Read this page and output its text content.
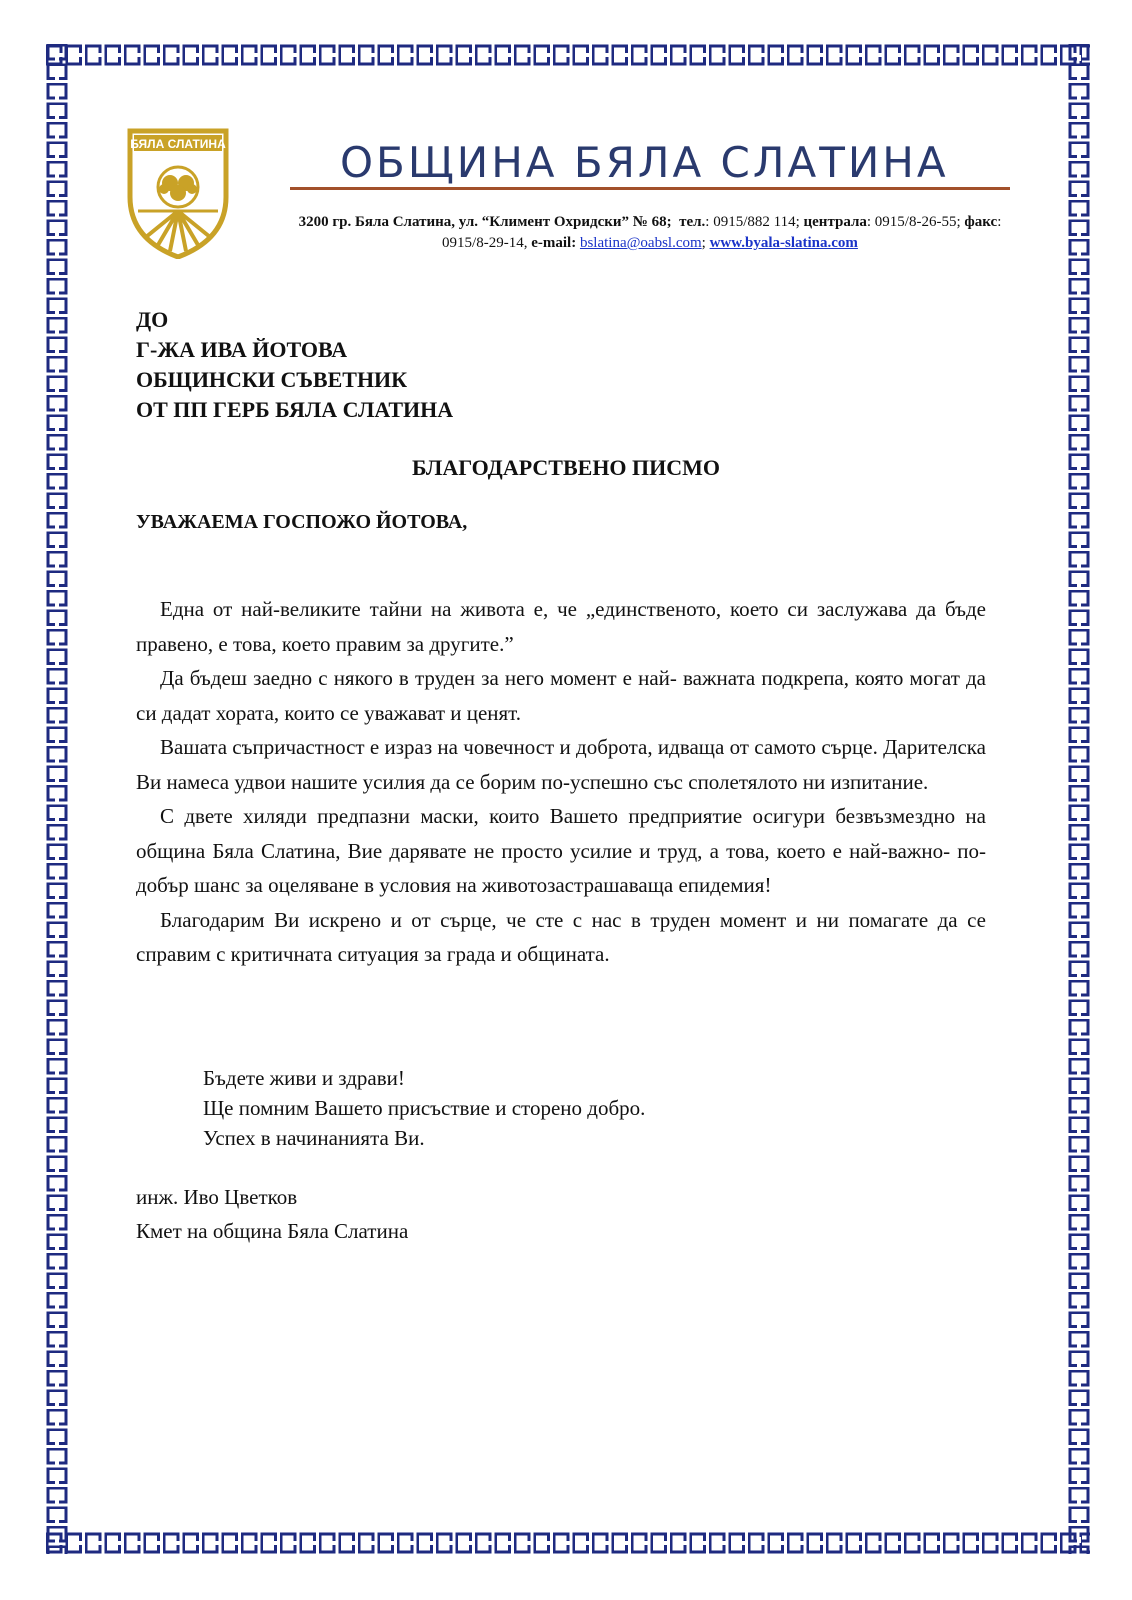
БЯЛА СЛАТИНА	ОБЩИНА БЯЛА СЛАТИНА
3200 гр. Бяла Слатина, ул. “Климент Охридски” № 68; тел.: 0915/882 114; централа: 0915/8-26-55; факс: 0915/8-29-14, e-mail: bslatina@oabsl.com; www.byala-slatina.com
ДО
Г-ЖА ИВА ЙОТОВА
ОБЩИНСКИ СЪВЕТНИК
ОТ ПП ГЕРБ БЯЛА СЛАТИНА
БЛАГОДАРСТВЕНО ПИСМО
УВАЖАЕМА ГОСПОЖО ЙОТОВА,

Една от най-великите тайни на живота е, че „единственото, което си заслужава да бъде правено, е това, което правим за другите.”

Да бъдеш заедно с някого в труден за него момент е най- важната подкрепа, която могат да си дадат хората, които се уважават и ценят.

Вашата съпричастност е израз на човечност и доброта, идваща от самото сърце. Дарителска Ви намеса удвои нашите усилия да се борим по-успешно със сполетялото ни изпитание.

С двете хиляди предпазни маски, които Вашето предприятие осигури безвъзмездно на община Бяла Слатина, Вие дарявате не просто усилие и труд, а това, което е най-важно- по- добър шанс за оцеляване в условия на животозастрашаваща епидемия!

Благодарим Ви искрено и от сърце, че сте с нас в труден момент и ни помагате да се справим с критичната ситуация за града и общината.

Бъдете живи и здрави!
Ще помним Вашето присъствие и сторено добро.
Успех в начинанията Ви.
инж. Иво Цветков
Кмет на община Бяла Слатина
